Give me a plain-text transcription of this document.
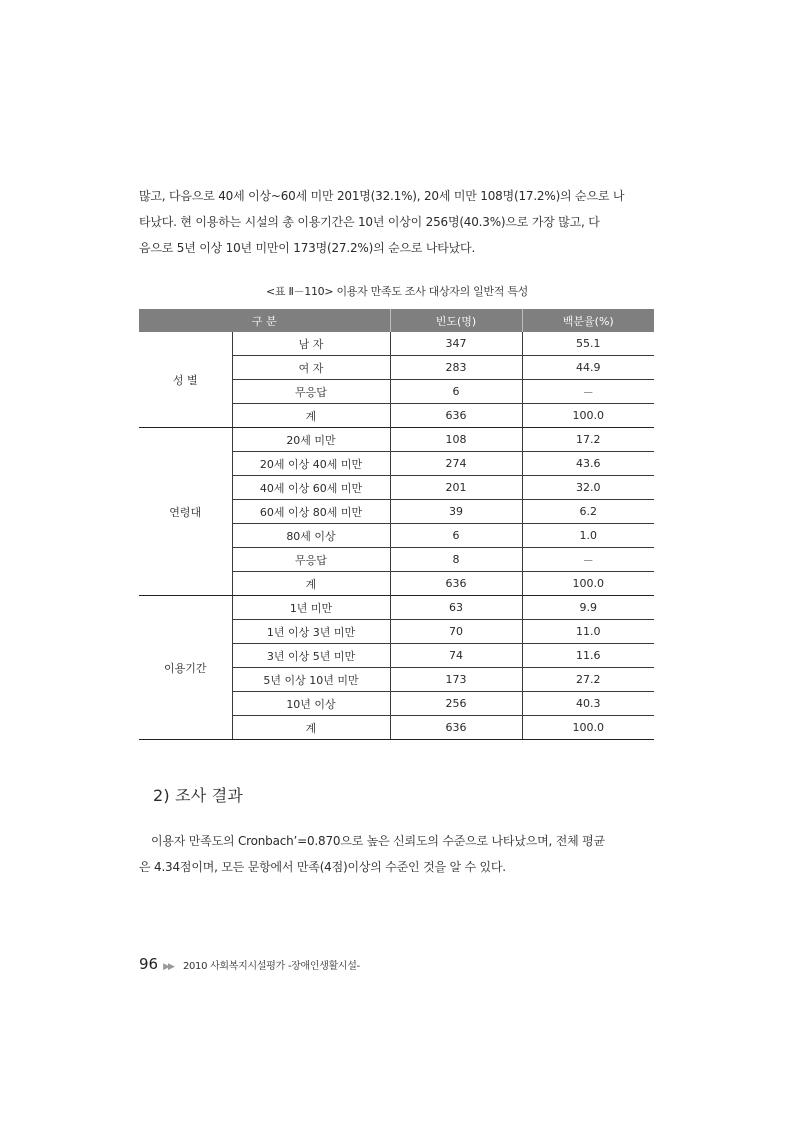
많고, 다음으로 40세 이상~60세 미만 201명(32.1%), 20세 미만 108명(17.2%)의 순으로 나
타났다. 현 이용하는 시설의 총 이용기간은 10년 이상이 256명(40.3%)으로 가장 많고, 다
음으로 5년 이상 10년 미만이 173명(27.2%)의 순으로 나타났다.
<표 Ⅱ－110> 이용자 만족도 조사 대상자의 일반적 특성
구 분		빈도(명)	백분율(%)
성 별	남 자	347	55.1
	여 자	283	44.9
	무응답	6	－
	계	636	100.0
연령대	20세 미만	108	17.2
	20세 이상 40세 미만	274	43.6
	40세 이상 60세 미만	201	32.0
	60세 이상 80세 미만	39	6.2
	80세 이상	6	1.0
	무응답	8	－
	계	636	100.0
이용기간	1년 미만	63	9.9
	1년 이상 3년 미만	70	11.0
	3년 이상 5년 미만	74	11.6
	5년 이상 10년 미만	173	27.2
	10년 이상	256	40.3
	계	636	100.0
2) 조사 결과
이용자 만족도의 Cronbach’=0.870으로 높은 신뢰도의 수준으로 나타났으며, 전체 평균
은 4.34점이며, 모든 문항에서 만족(4점)이상의 수준인 것을 알 수 있다.
96 ▶▶ 2010 사회복지시설평가 -장애인생활시설-
